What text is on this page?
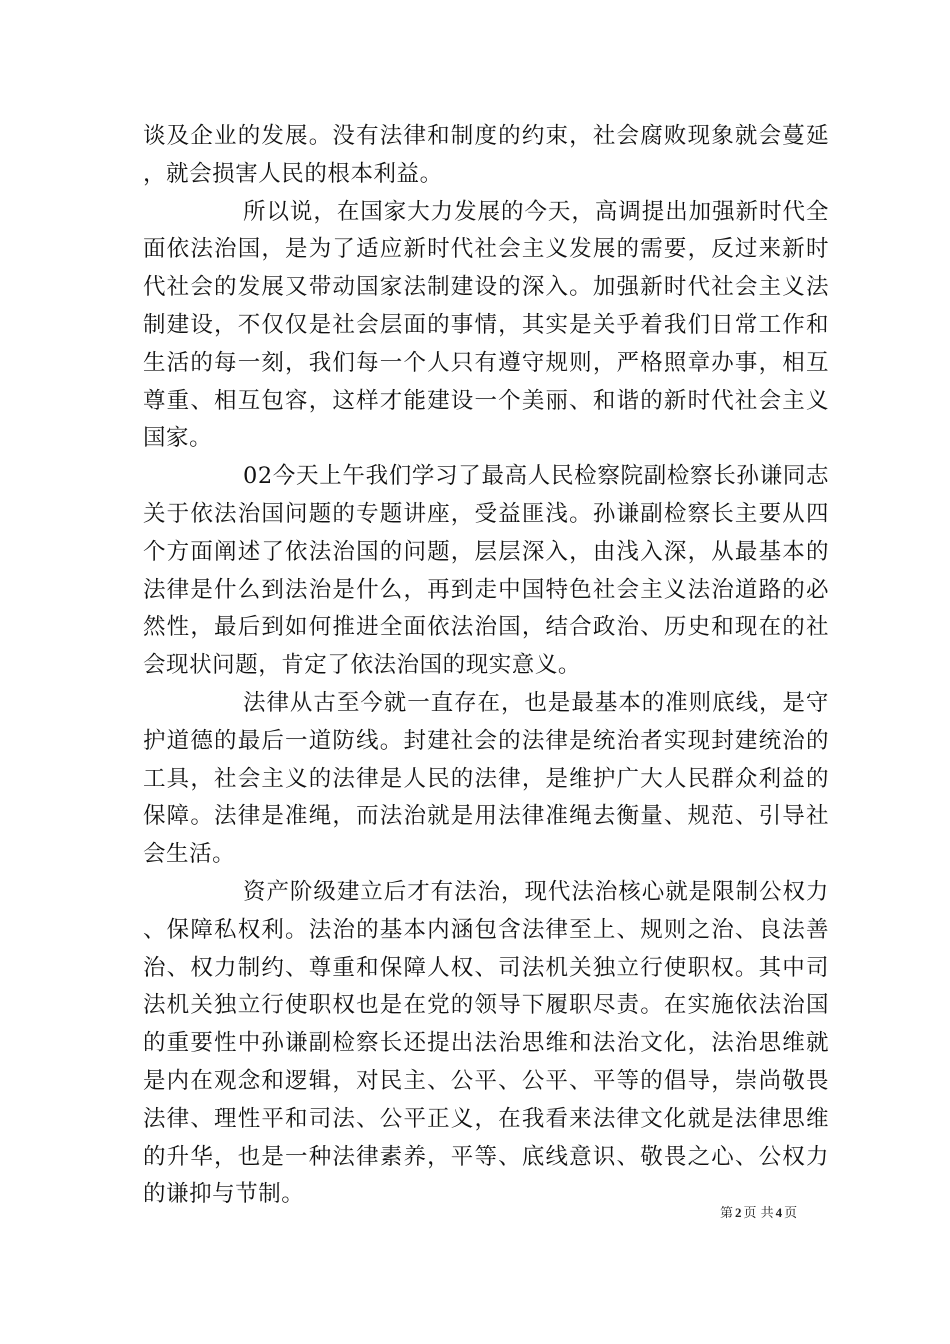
谈及企业的发展。没有法律和制度的约束，社会腐败现象就会蔓延，就会损害人民的根本利益。

所以说，在国家大力发展的今天，高调提出加强新时代全面依法治国，是为了适应新时代社会主义发展的需要，反过来新时代社会的发展又带动国家法制建设的深入。加强新时代社会主义法制建设，不仅仅是社会层面的事情，其实是关乎着我们日常工作和生活的每一刻，我们每一个人只有遵守规则，严格照章办事，相互尊重、相互包容，这样才能建设一个美丽、和谐的新时代社会主义国家。

02今天上午我们学习了最高人民检察院副检察长孙谦同志关于依法治国问题的专题讲座，受益匪浅。孙谦副检察长主要从四个方面阐述了依法治国的问题，层层深入，由浅入深，从最基本的法律是什么到法治是什么，再到走中国特色社会主义法治道路的必然性，最后到如何推进全面依法治国，结合政治、历史和现在的社会现状问题，肯定了依法治国的现实意义。

法律从古至今就一直存在，也是最基本的准则底线，是守护道德的最后一道防线。封建社会的法律是统治者实现封建统治的工具，社会主义的法律是人民的法律，是维护广大人民群众利益的保障。法律是准绳，而法治就是用法律准绳去衡量、规范、引导社会生活。

资产阶级建立后才有法治，现代法治核心就是限制公权力、保障私权利。法治的基本内涵包含法律至上、规则之治、良法善治、权力制约、尊重和保障人权、司法机关独立行使职权。其中司法机关独立行使职权也是在党的领导下履职尽责。在实施依法治国的重要性中孙谦副检察长还提出法治思维和法治文化，法治思维就是内在观念和逻辑，对民主、公平、公平、平等的倡导，崇尚敬畏法律、理性平和司法、公平正义，在我看来法律文化就是法律思维的升华，也是一种法律素养，平等、底线意识、敬畏之心、公权力的谦抑与节制。

第 2 页 共 4 页
